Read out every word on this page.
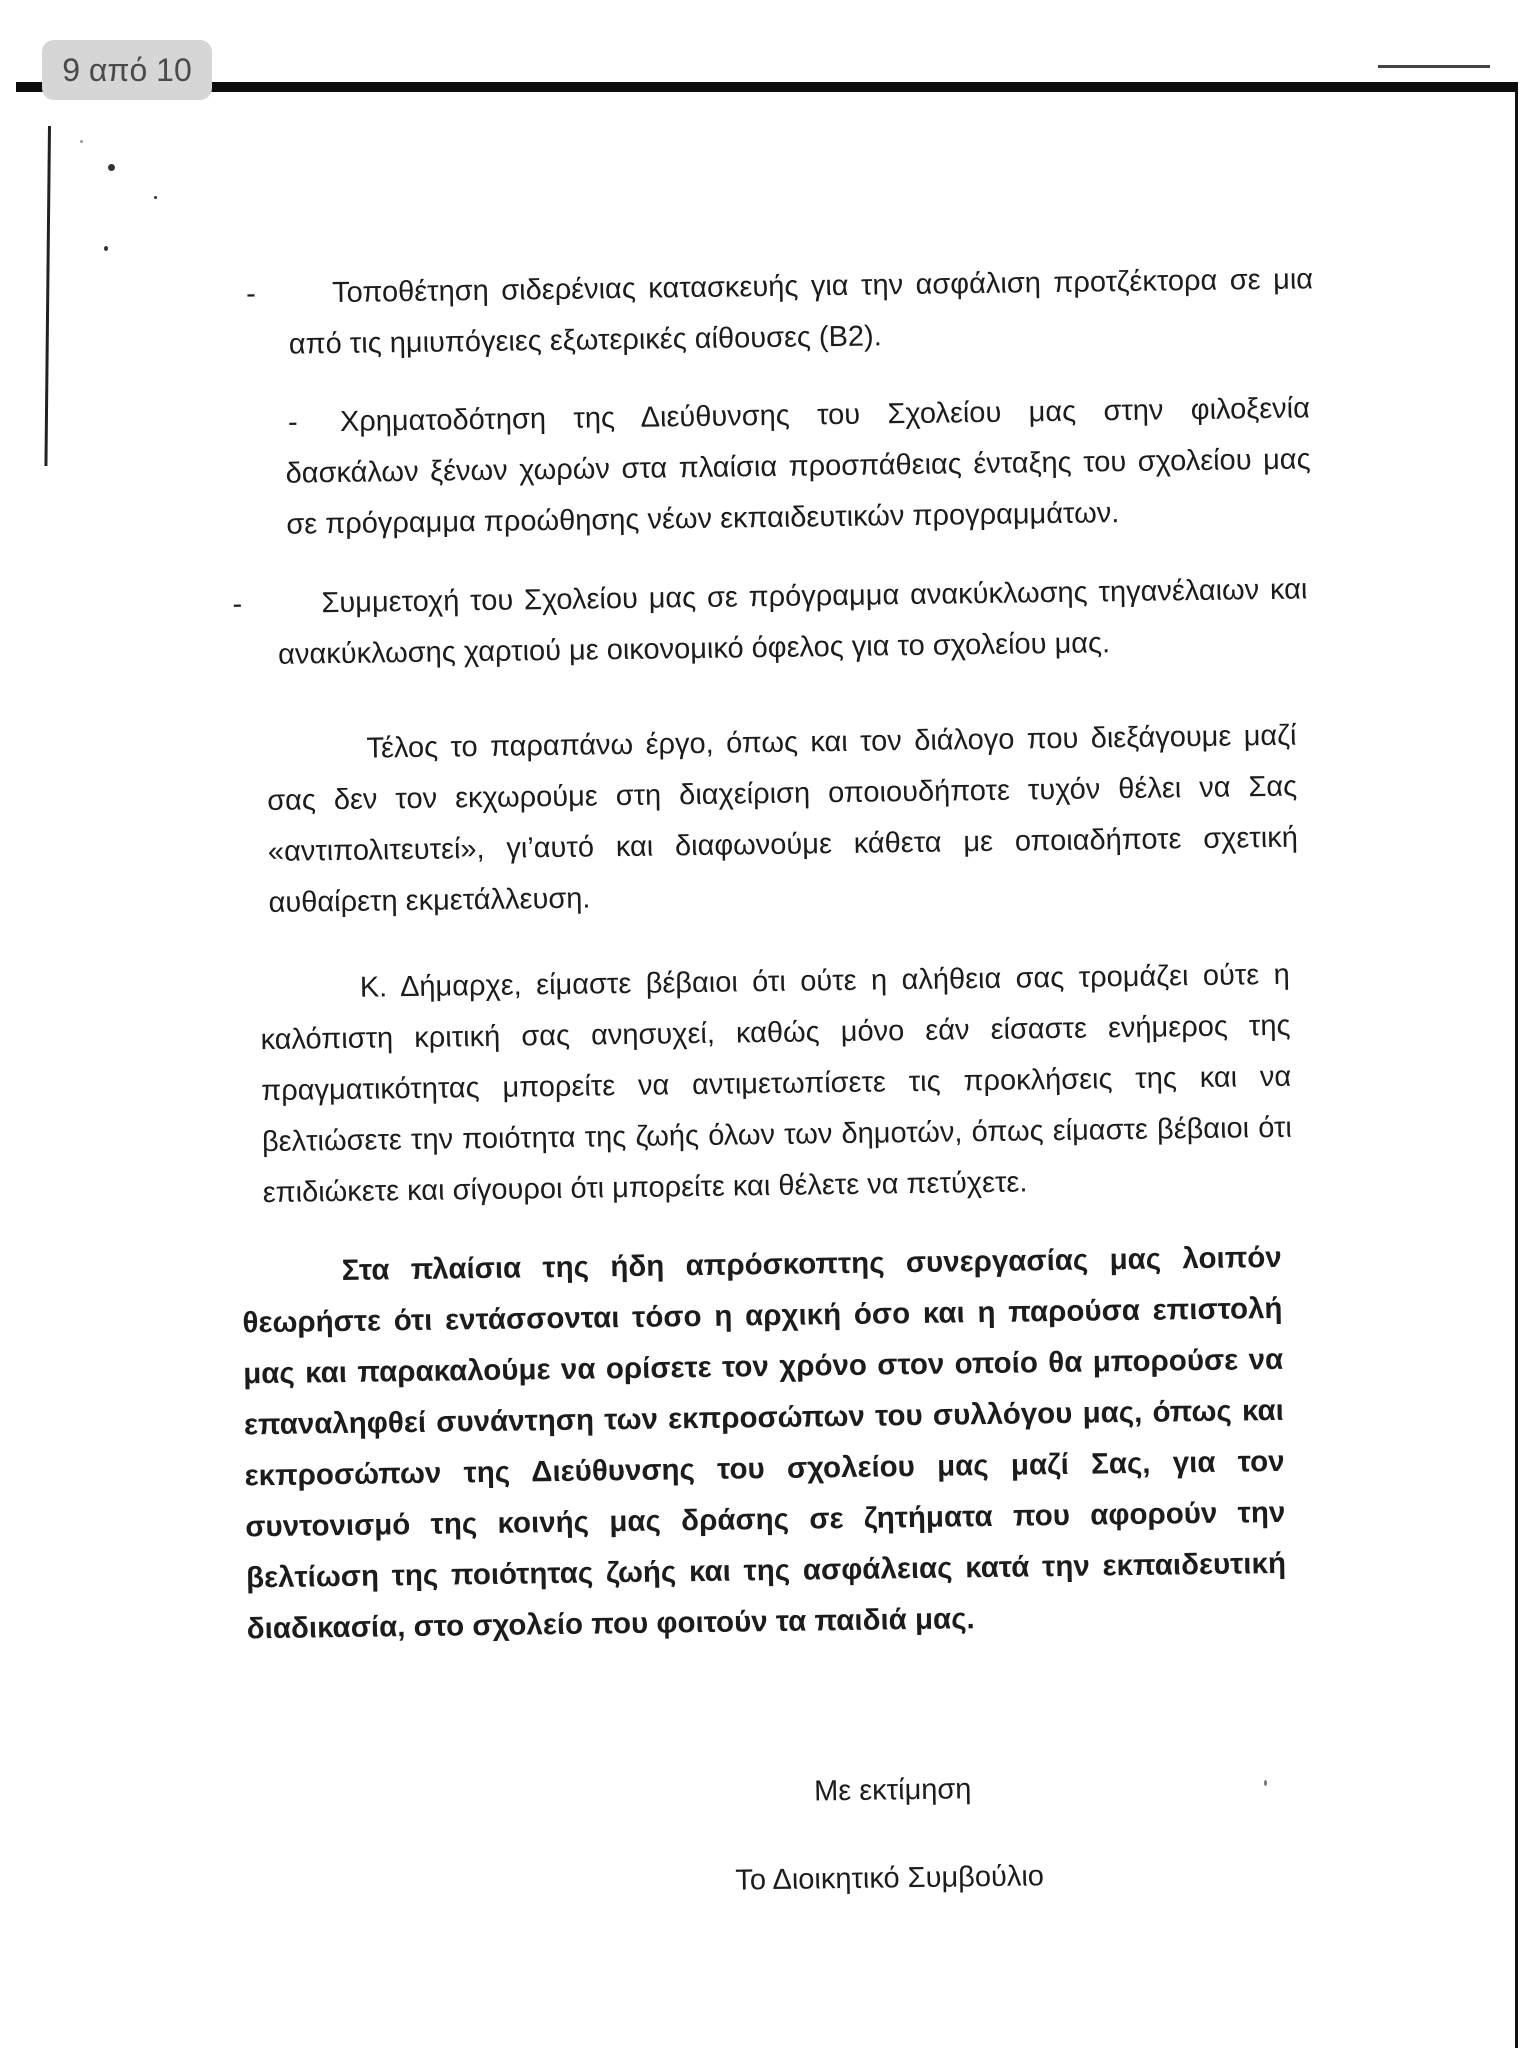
9 από 10
-	Τοποθέτηση σιδερένιας κατασκευής για την ασφάλιση προτζέκτορα σε μια από τις ημιυπόγειες εξωτερικές αίθουσες (Β2).

-	Χρηματοδότηση της Διεύθυνσης του Σχολείου μας στην φιλοξενία δασκάλων ξένων χωρών στα πλαίσια προσπάθειας ένταξης του σχολείου μας σε πρόγραμμα προώθησης νέων εκπαιδευτικών προγραμμάτων.

-	Συμμετοχή του Σχολείου μας σε πρόγραμμα ανακύκλωσης τηγανέλαιων και ανακύκλωσης χαρτιού με οικονομικό όφελος για το σχολείου μας.

Τέλος το παραπάνω έργο, όπως και τον διάλογο που διεξάγουμε μαζί σας δεν τον εκχωρούμε στη διαχείριση οποιουδήποτε τυχόν θέλει να Σας «αντιπολιτευτεί», γι’αυτό και διαφωνούμε κάθετα με οποιαδήποτε σχετική αυθαίρετη εκμετάλλευση.

Κ. Δήμαρχε, είμαστε βέβαιοι ότι ούτε η αλήθεια σας τρομάζει ούτε η καλόπιστη κριτική σας ανησυχεί, καθώς μόνο εάν είσαστε ενήμερος της πραγματικότητας μπορείτε να αντιμετωπίσετε τις προκλήσεις της και να βελτιώσετε την ποιότητα της ζωής όλων των δημοτών, όπως είμαστε βέβαιοι ότι επιδιώκετε και σίγουροι ότι μπορείτε και θέλετε να πετύχετε.

Στα πλαίσια της ήδη απρόσκοπτης συνεργασίας μας λοιπόν θεωρήστε ότι εντάσσονται τόσο η αρχική όσο και η παρούσα επιστολή μας και παρακαλούμε να ορίσετε τον χρόνο στον οποίο θα μπορούσε να επαναληφθεί συνάντηση των εκπροσώπων του συλλόγου μας, όπως και εκπροσώπων της Διεύθυνσης του σχολείου μας μαζί Σας, για τον συντονισμό της κοινής μας δράσης σε ζητήματα που αφορούν την βελτίωση της ποιότητας ζωής και της ασφάλειας κατά την εκπαιδευτική διαδικασία, στο σχολείο που φοιτούν τα παιδιά μας.

Με εκτίμηση
Το Διοικητικό Συμβούλιο
